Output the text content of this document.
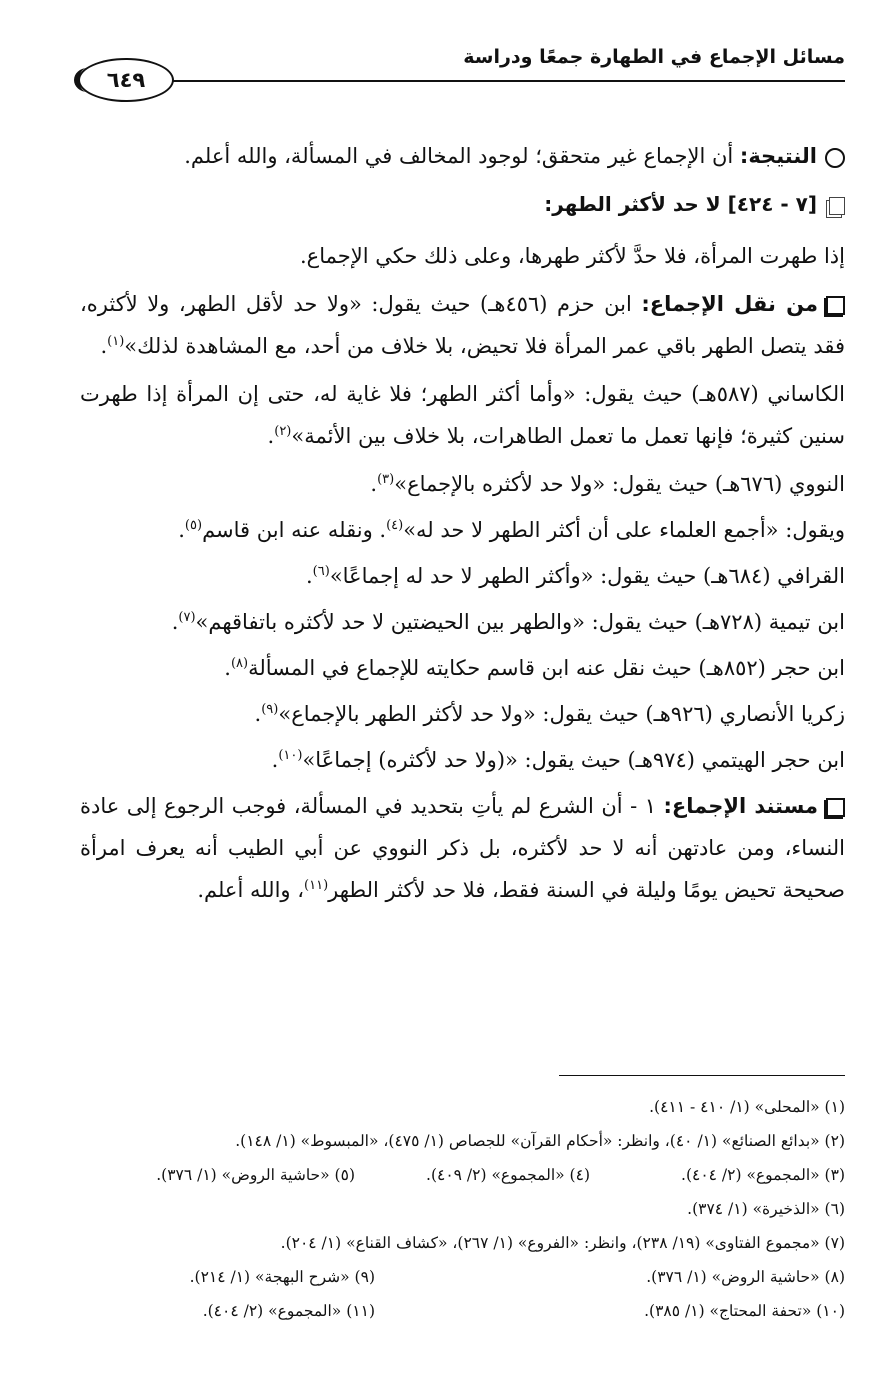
مسائل الإجماع في الطهارة جمعًا ودراسة
٦٤٩

النتيجة: أن الإجماع غير متحقق؛ لوجود المخالف في المسألة، والله أعلم.

[٧ - ٤٢٤] لا حد لأكثر الطهر:

إذا طهرت المرأة، فلا حدَّ لأكثر طهرها، وعلى ذلك حكي الإجماع.

من نقل الإجماع: ابن حزم (٤٥٦هـ) حيث يقول: «ولا حد لأقل الطهر، ولا لأكثره، فقد يتصل الطهر باقي عمر المرأة فلا تحيض، بلا خلاف من أحد، مع المشاهدة لذلك»$^{(١)}$.

الكاساني (٥٨٧هـ) حيث يقول: «وأما أكثر الطهر؛ فلا غاية له، حتى إن المرأة إذا طهرت سنين كثيرة؛ فإنها تعمل ما تعمل الطاهرات، بلا خلاف بين الأئمة»$^{(٢)}$.

النووي (٦٧٦هـ) حيث يقول: «ولا حد لأكثره بالإجماع»$^{(٣)}$.

ويقول: «أجمع العلماء على أن أكثر الطهر لا حد له»$^{(٤)}$. ونقله عنه ابن قاسم$^{(٥)}$.

القرافي (٦٨٤هـ) حيث يقول: «وأكثر الطهر لا حد له إجماعًا»$^{(٦)}$.

ابن تيمية (٧٢٨هـ) حيث يقول: «والطهر بين الحيضتين لا حد لأكثره باتفاقهم»$^{(٧)}$.

ابن حجر (٨٥٢هـ) حيث نقل عنه ابن قاسم حكايته للإجماع في المسألة$^{(٨)}$.

زكريا الأنصاري (٩٢٦هـ) حيث يقول: «ولا حد لأكثر الطهر بالإجماع»$^{(٩)}$.

ابن حجر الهيتمي (٩٧٤هـ) حيث يقول: «(ولا حد لأكثره) إجماعًا»$^{(١٠)}$.

مستند الإجماع: ١ - أن الشرع لم يأتِ بتحديد في المسألة، فوجب الرجوع إلى عادة النساء، ومن عادتهن أنه لا حد لأكثره، بل ذكر النووي عن أبي الطيب أنه يعرف امرأة صحيحة تحيض يومًا وليلة في السنة فقط، فلا حد لأكثر الطهر$^{(١١)}$، والله أعلم.

(١) «المحلى» (١/ ٤١٠ - ٤١١).
(٢) «بدائع الصنائع» (١/ ٤٠)، وانظر: «أحكام القرآن» للجصاص (١/ ٤٧٥)، «المبسوط» (١/ ١٤٨).
(٣) «المجموع» (٢/ ٤٠٤).
(٤) «المجموع» (٢/ ٤٠٩).
(٥) «حاشية الروض» (١/ ٣٧٦).
(٦) «الذخيرة» (١/ ٣٧٤).
(٧) «مجموع الفتاوى» (١٩/ ٢٣٨)، وانظر: «الفروع» (١/ ٢٦٧)، «كشاف القناع» (١/ ٢٠٤).
(٨) «حاشية الروض» (١/ ٣٧٦).
(٩) «شرح البهجة» (١/ ٢١٤).
(١٠) «تحفة المحتاج» (١/ ٣٨٥).
(١١) «المجموع» (٢/ ٤٠٤).
